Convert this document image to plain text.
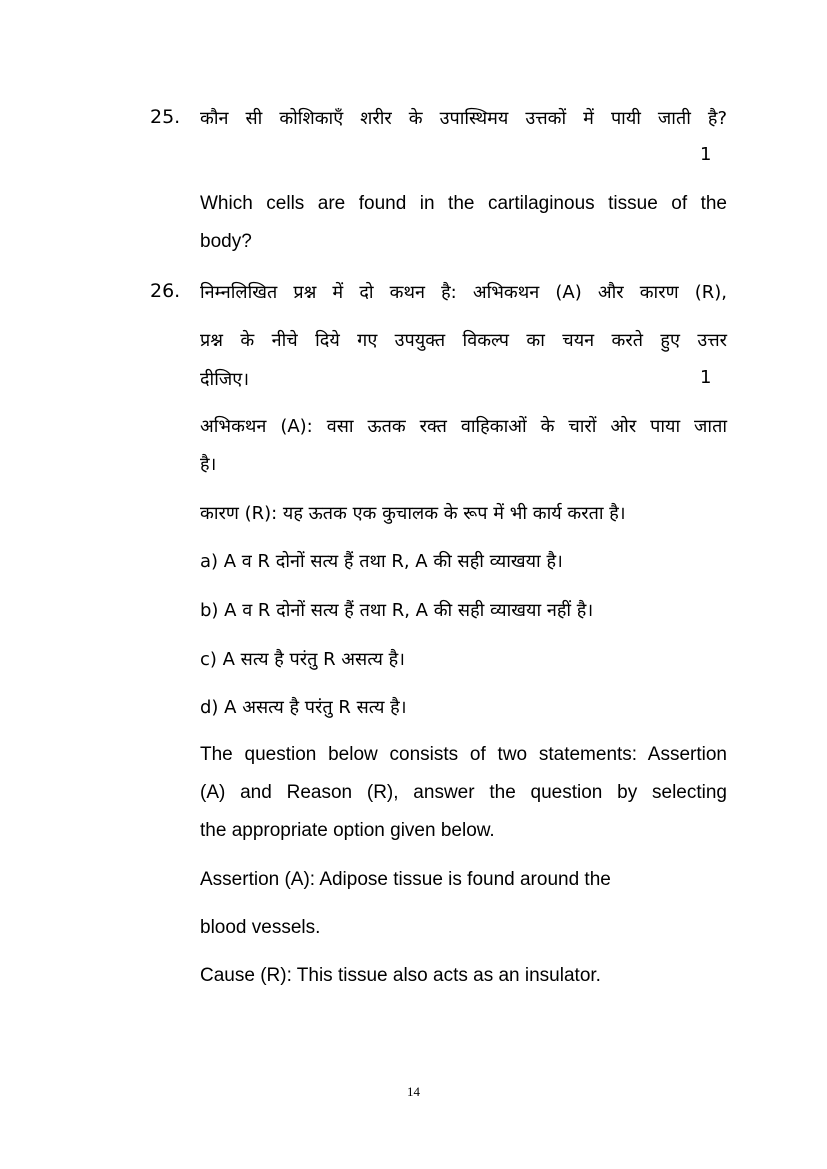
25. कौन सी कोशिकाएँ शरीर के उपास्थिमय उत्तकों में पायी जाती है?
1
Which cells are found in the cartilaginous tissue of the
body?
26. निम्नलिखित प्रश्न में दो कथन है: अभिकथन (A) और कारण (R),
प्रश्न के नीचे दिये गए उपयुक्त विकल्प का चयन करते हुए उत्तर
दीजिए।	1
अभिकथन (A): वसा ऊतक रक्त वाहिकाओं के चारों ओर पाया जाता
है।
कारण (R): यह ऊतक एक कुचालक के रूप में भी कार्य करता है।
a) A व R दोनों सत्य हैं तथा R, A की सही व्याखया है।
b) A व R दोनों सत्य हैं तथा R, A की सही व्याखया नहीं है।
c) A सत्य है परंतु R असत्य है।
d) A असत्य है परंतु R सत्य है।
The question below consists of two statements: Assertion
(A) and Reason (R), answer the question by selecting
the appropriate option given below.
Assertion (A): Adipose tissue is found around the
blood vessels.
Cause (R): This tissue also acts as an insulator.
14
